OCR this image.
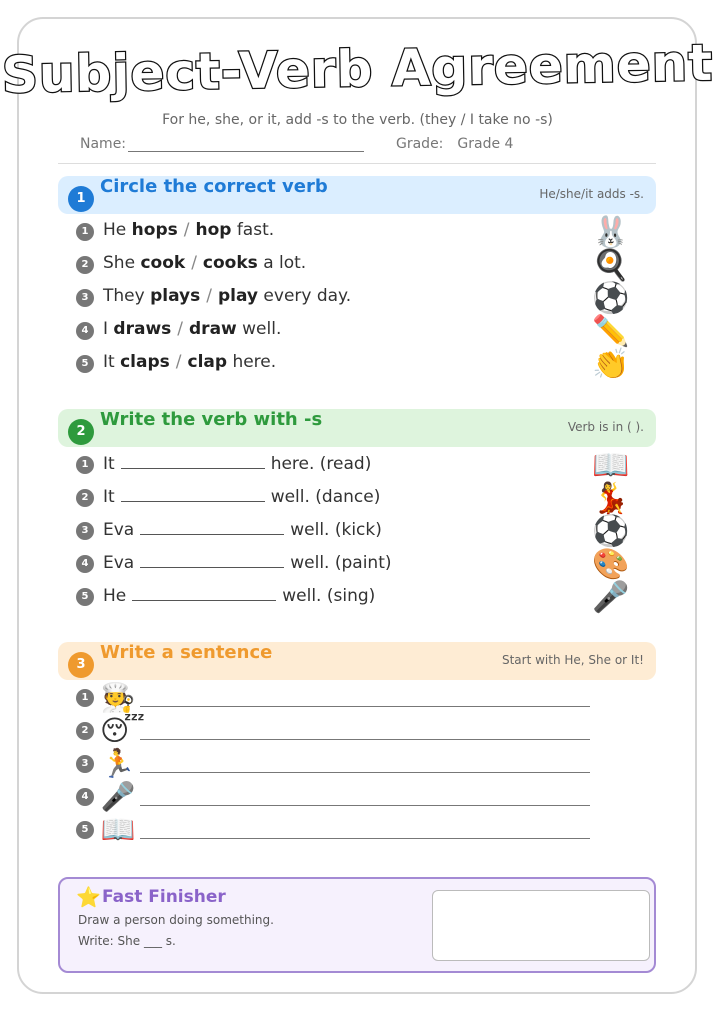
Subject-Verb Agreement
For he, she, or it, add -s to the verb. (they / I take no -s)
Name:	Grade: Grade 4
1
Circle the correct verb	He/she/it adds -s.
1 He hops / hop fast.	🐰
2 She cook / cooks a lot.	🍳
3 They plays / play every day.	⚽
4 I draws / draw well.	✏️
5 It claps / clap here.	👏
2
Write the verb with -s	Verb is in ( ).
1 It	here. (read)	📖
2 It	well. (dance)	💃
3 Eva	well. (kick)	⚽
4 Eva	well. (paint)	🎨
5 He	well. (sing)	🎤
3
Write a sentence	Start with He, She or It!
1 🧑‍🍳
2 😴
3 🏃
4 🎤
5 📖
⭐ Fast Finisher
Draw a person doing something.
Write: She ___ s.
